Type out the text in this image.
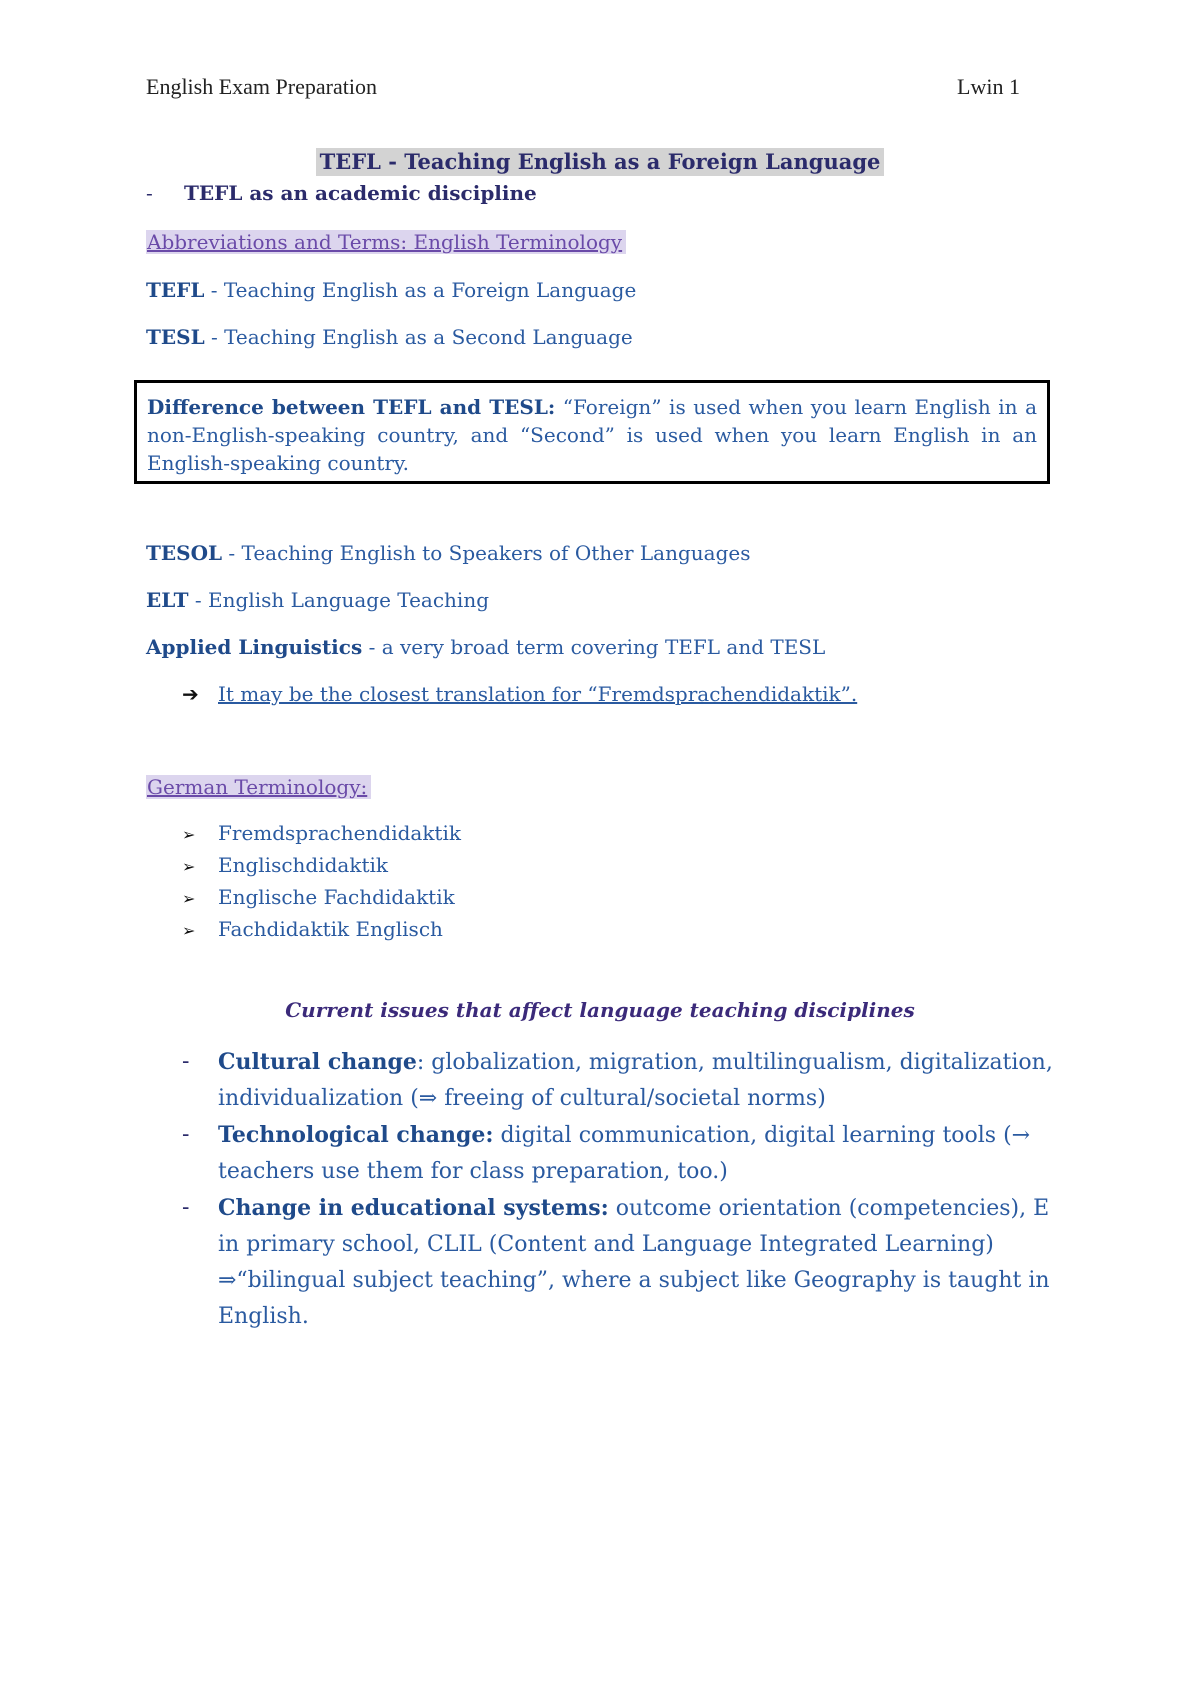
English Exam Preparation	Lwin 1
TEFL - Teaching English as a Foreign Language
- TEFL as an academic discipline
Abbreviations and Terms: English Terminology
TEFL - Teaching English as a Foreign Language
TESL - Teaching English as a Second Language
Difference between TEFL and TESL: “Foreign” is used when you learn English in a non-English-speaking country, and “Second” is used when you learn English in an English-speaking country.
TESOL - Teaching English to Speakers of Other Languages
ELT - English Language Teaching
Applied Linguistics - a very broad term covering TEFL and TESL
➔ It may be the closest translation for “Fremdsprachendidaktik”.
German Terminology:
➢ Fremdsprachendidaktik
➢ Englischdidaktik
➢ Englische Fachdidaktik
➢ Fachdidaktik Englisch
Current issues that affect language teaching disciplines
- Cultural change: globalization, migration, multilingualism, digitalization, individualization (⇒ freeing of cultural/societal norms)
- Technological change: digital communication, digital learning tools (→ teachers use them for class preparation, too.)
- Change in educational systems: outcome orientation (competencies), E in primary school, CLIL (Content and Language Integrated Learning) ⇒“bilingual subject teaching”, where a subject like Geography is taught in English.
